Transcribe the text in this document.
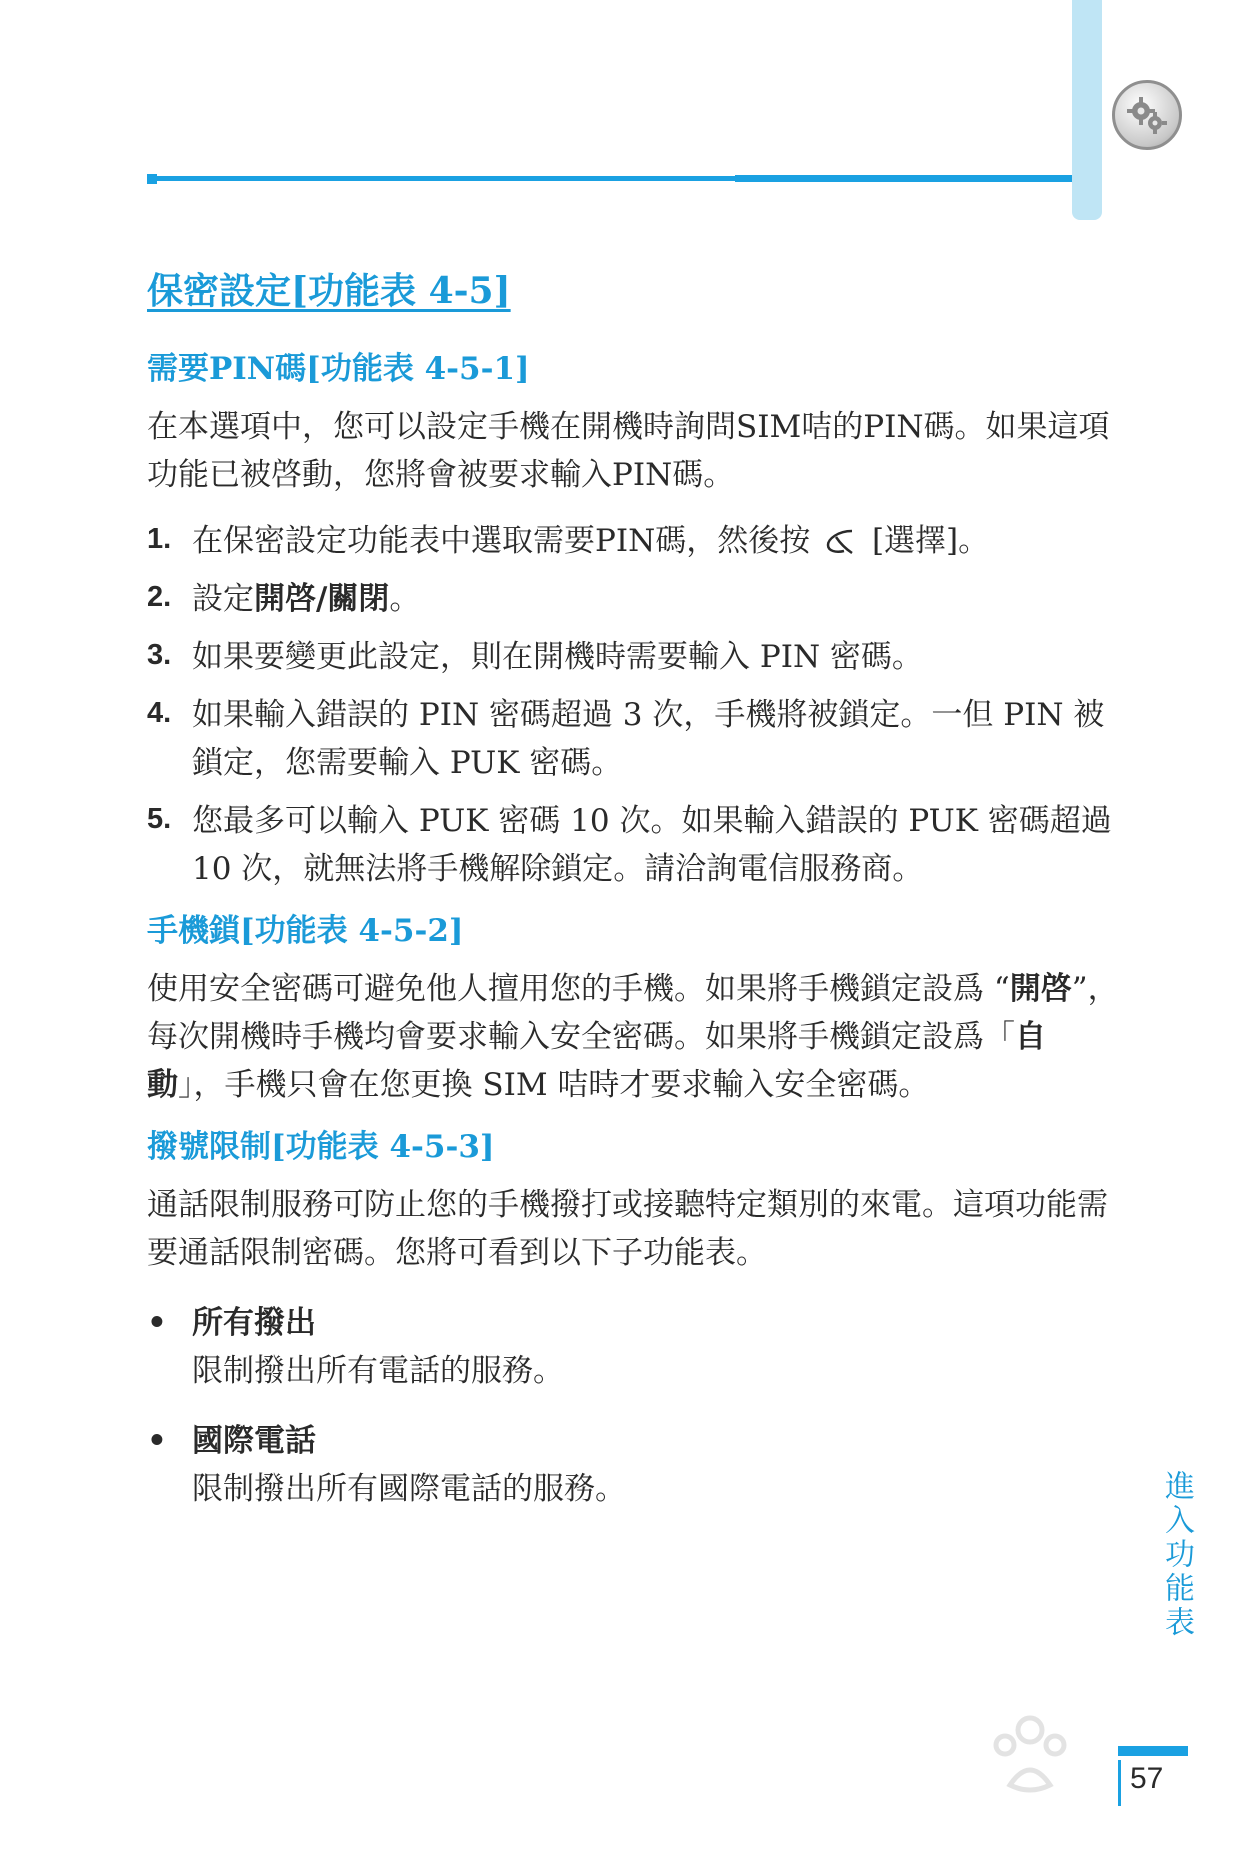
保密設定[功能表 4-5]
需要PIN碼[功能表 4-5-1]

在本選項中，您可以設定手機在開機時詢問SIM咭的PIN碼。如果這項功能已被啓動，您將會被要求輸入PIN碼。

1. 在保密設定功能表中選取需要PIN碼，然後按 [選擇]。
2. 設定開啓/關閉。
3. 如果要變更此設定，則在開機時需要輸入 PIN 密碼。
4. 如果輸入錯誤的 PIN 密碼超過 3 次，手機將被鎖定。一但 PIN 被鎖定，您需要輸入 PUK 密碼。
5. 您最多可以輸入 PUK 密碼 10 次。如果輸入錯誤的 PUK 密碼超過 10 次，就無法將手機解除鎖定。請洽詢電信服務商。
手機鎖[功能表 4-5-2]

使用安全密碼可避免他人擅用您的手機。如果將手機鎖定設爲 “開啓”，每次開機時手機均會要求輸入安全密碼。如果將手機鎖定設爲「自動」，手機只會在您更換 SIM 咭時才要求輸入安全密碼。

撥號限制[功能表 4-5-3]

通話限制服務可防止您的手機撥打或接聽特定類別的來電。這項功能需要通話限制密碼。您將可看到以下子功能表。

• 所有撥出
限制撥出所有電話的服務。
• 國際電話
限制撥出所有國際電話的服務。	進入功能表
57
